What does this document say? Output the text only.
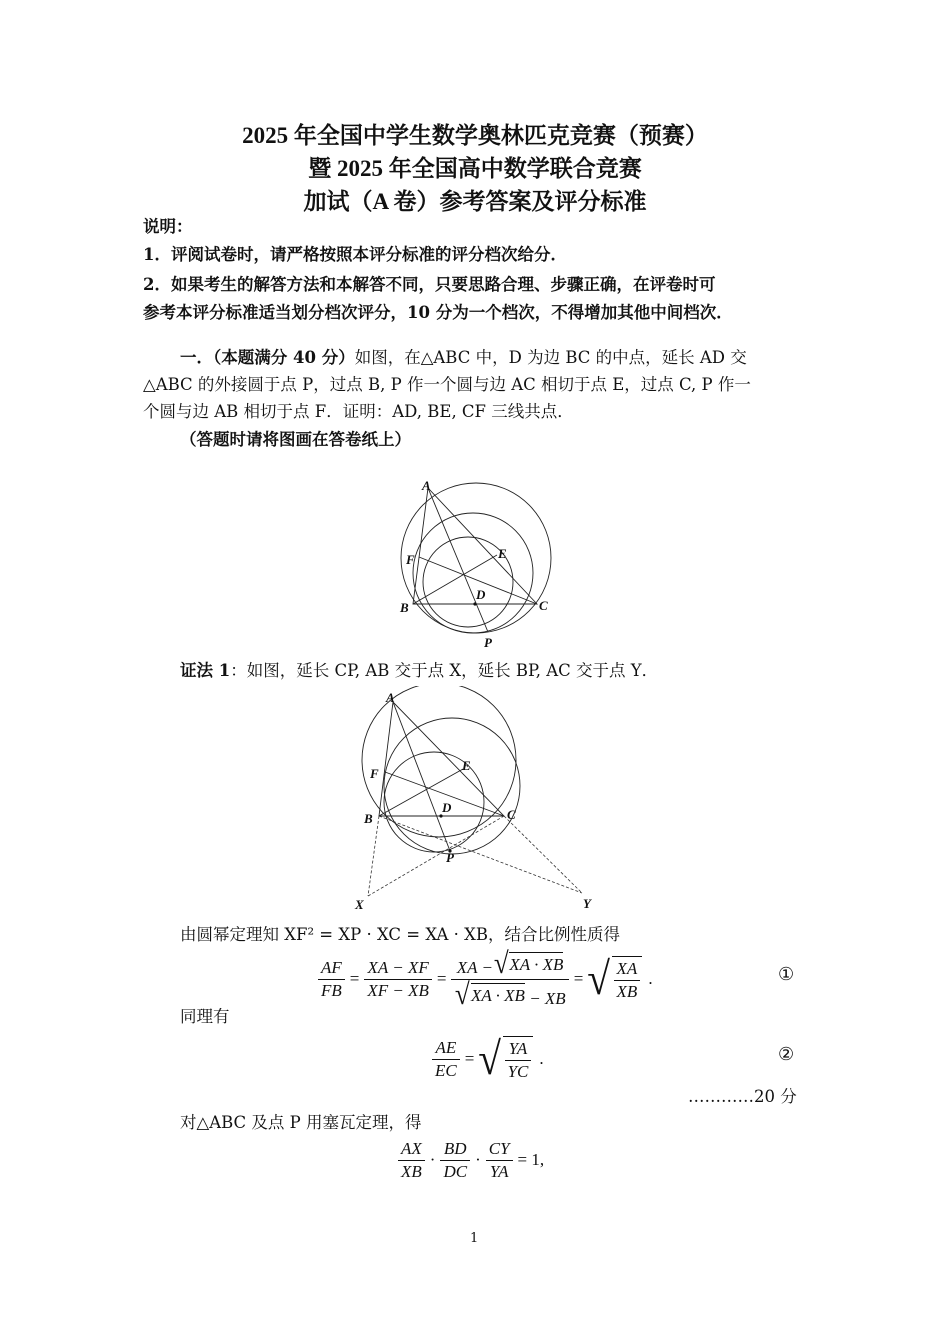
2025 年全国中学生数学奥林匹克竞赛（预赛）
暨 2025 年全国高中数学联合竞赛
加试（A 卷）参考答案及评分标准
说明：
1．评阅试卷时，请严格按照本评分标准的评分档次给分．
2．如果考生的解答方法和本解答不同，只要思路合理、步骤正确，在评卷时可
参考本评分标准适当划分档次评分，10 分为一个档次，不得增加其他中间档次．
一．（本题满分 40 分）如图，在△ABC 中，D 为边 BC 的中点，延长 AD 交
△ABC 的外接圆于点 P，过点 B, P 作一个圆与边 AC 相切于点 E，过点 C, P 作一
个圆与边 AB 相切于点 F．证明：AD, BE, CF 三线共点．
（答题时请将图画在答卷纸上）
A
E
F
D
B	C
P
证法 1：如图，延长 CP, AB 交于点 X，延长 BP, AC 交于点 Y．
A
F
E
D
B	C
P
X	Y
由圆幂定理知 XF² = XP · XC = XA · XB，结合比例性质得
$\frac{AF}{FB} = \frac{XA - XF}{XF - XB} = \frac{XA - √ XA \cdot XB}{√ XA \cdot XB - XB}$ = √ $\frac{XA}{XB}$ .	①
同理有
$\frac{AE}{EC}$ = √ $\frac{YA}{YC}$ .	②
…………20 分
对△ABC 及点 P 用塞瓦定理，得
$\frac{AX}{XB} \cdot \frac{BD}{DC} \cdot \frac{CY}{YA} = 1$,
1
